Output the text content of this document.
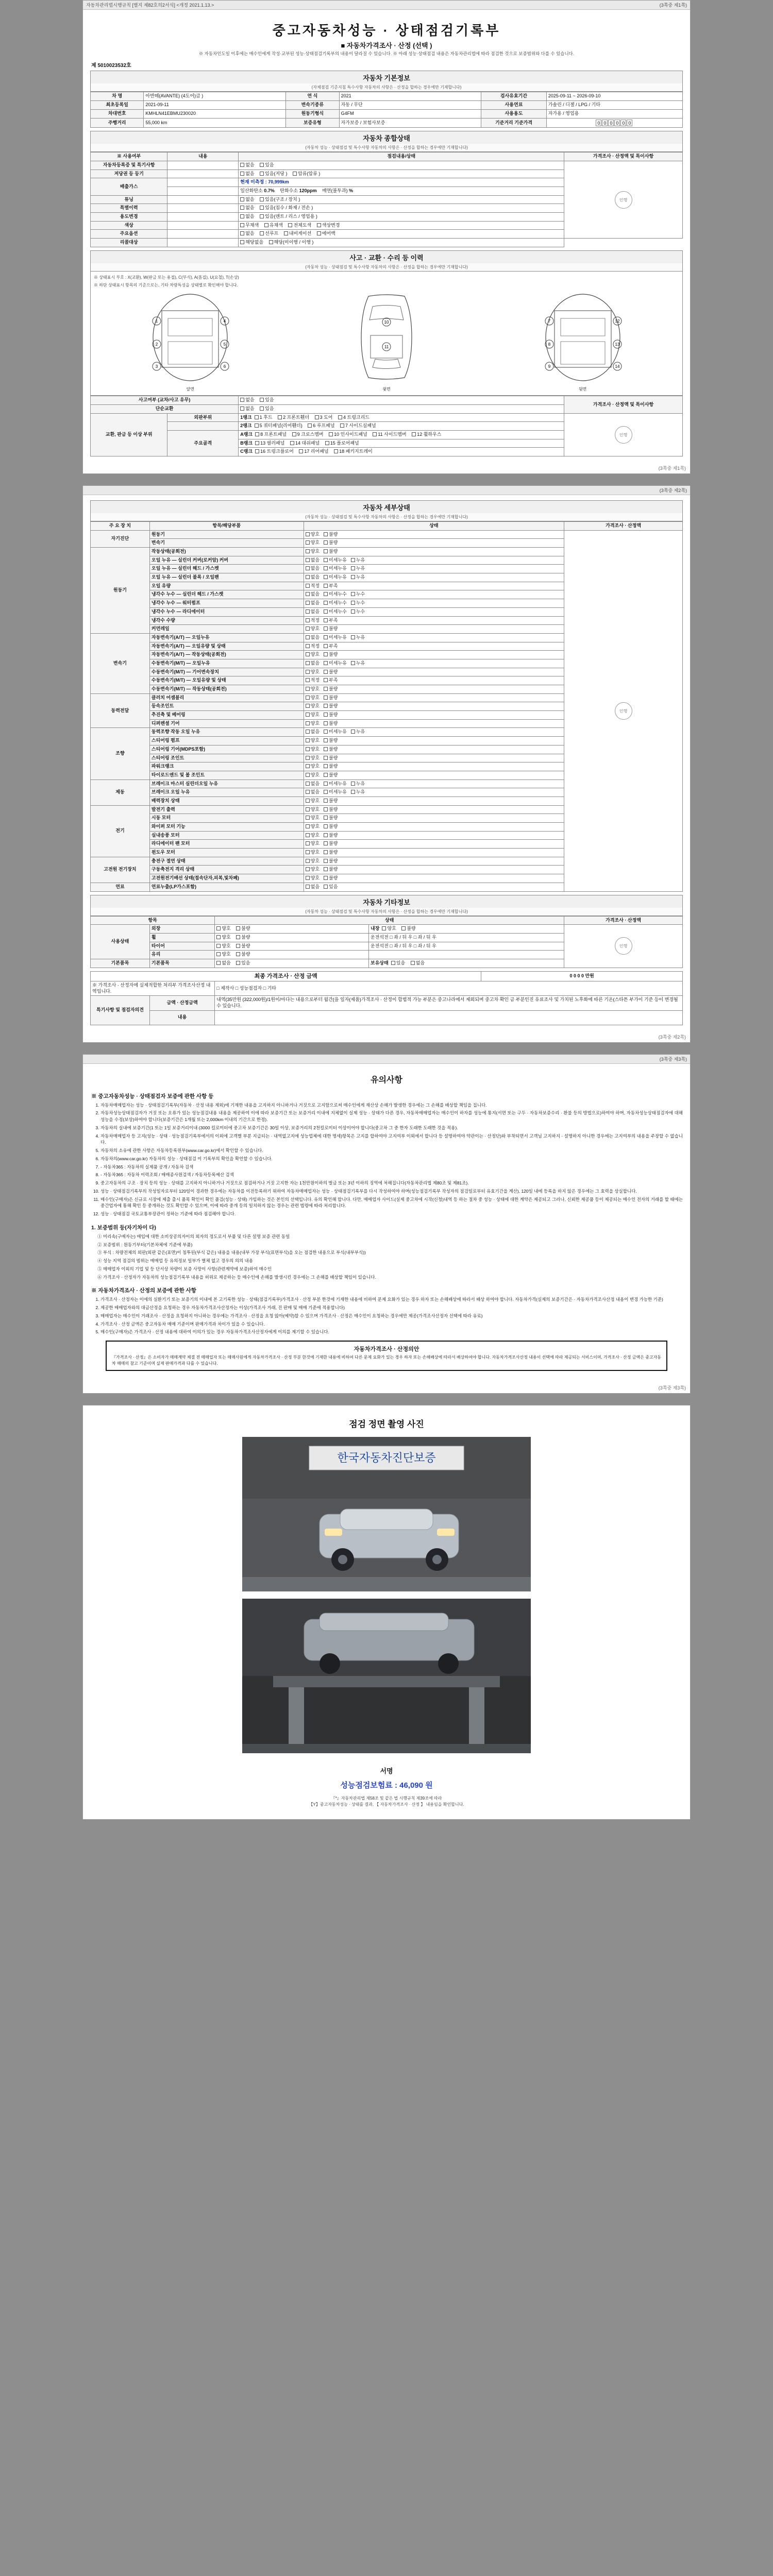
자동차관리법시행규칙 [별지 제82호의2서식] <개정 2021.1.13.>	(3쪽중 제1쪽)
중고자동차성능 · 상태점검기록부
■ 자동차가격조사 · 산정 (선택 )
※ 자동차인도일 이후에는 매수인에게 작성·교부된 성능·상태점검기록부의 내용이 달라질 수 있습니다. ※ 아래 성능·상태점검 내용은 자동차관리법에 따라 점검한 것으로 보증범위와 다를 수 있습니다.
제 5010023532호
자동차 기본정보
(자체점검 기준지침 특수사항 자동차의 사항은 · 산정을 합하는 경우에만 기재합니다)
차 명	아반떼(AVANTE) (4도어)급 )	연 식	2021	검사유효기간	2025-09-11 ~ 2026-09-10
최초등록일	2021-09-11	변속기종류	자동 / 무단	사용연료	가솔린 / 디젤 / LPG / 기타
차대번호	KMHLN41EBMU230020	원동기형식	G4FM	사용용도	자가용 / 영업용
주행거리	55,000 km	보증유형	자가보증 / 보험사보증	기준거리 기준가격	0 0 0 0 0 0
자동차 종합상태
(자동차 성능 · 상태점검 및 특수사항 자동차의 사항은 · 산정을 합하는 경우에만 기재합니다)
※ 사용여부	내용	점검내용/상태	가격조사 · 산정액 및 특이사항
자동차등록증 및 특기사항		없음 있음	인행
저당권 등 등기		없음 있음(저당 ) 압류(압류 )	
배출가스		현재 미측정 : 70,999km	
		일산화탄소 0.7% 탄화수소 120ppm 매연(불투과) %	
튜닝		없음 있음(구조 / 장치 )	
특별이력		없음 있음(침수 / 화재 / 전손 )	
용도변경		없음 있음(렌트 / 리스 / 영업용 )	
색상		무채색 유채색 전체도색 색상변경	
주요옵션		없음 선루프 내비게이션 에어백	
리콜대상		해당없음 해당(미이행 / 이행 )	
사고 · 교환 · 수리 등 이력
(자동차 성능 · 상태점검 및 특수사항 자동차의 사항은 · 산정을 합하는 경우에만 기재합니다)
※ 상태표시 부호 : X(교환), W(판금 또는 용접), C(부식), A(흠집), U(요철), T(손상)
※ 하단 상태표시 항목의 기준으로는, 기타 차량특성을 상태별로 확인해야 합니다.
1
2
3
4
5
6
앞면
10
11
윗면
7
8
9
12
13
14
뒷면
사고여부 (교차/사고 유무)		없음 있음	가격조사 · 산정액 및 특이사항
단순교환		없음 있음	
교환, 판금 등 이상 부위	외판부위	1랭크 1 후드 2 프론트휀더 3 도어 4 트렁크리드	인행
		2랭크 5 쿼터패널(리어휀더) 6 루프패널 7 사이드실패널	
	주요골격	A랭크 8 프론트패널 9 크로스멤버 10 인사이드패널 11 사이드멤버 12 휠하우스	
		B랭크 13 필러패널 14 대쉬패널 15 플로어패널	
		C랭크 16 트렁크플로어 17 리어패널 18 패키지트레이	
(3쪽중 제1쪽)
(3쪽중 제2쪽)
자동차 세부상태
(자동차 성능 · 상태점검 및 특수사항 자동차의 사항은 · 산정을 합하는 경우에만 기재합니다)
주 요 장 치	항목/해당부품	상태	가격조사 · 산정액
자기진단	원동기	양호 불량	인행
	변속기	양호 불량	
원동기	작동상태(공회전)	양호 불량	
	오일 누유 — 실린더 커버(로커암) 커버	없음 미세누유 누유	
	오일 누유 — 실린더 헤드 / 가스켓	없음 미세누유 누유	
	오일 누유 — 실린더 블록 / 오일팬	없음 미세누유 누유	
	오일 유량	적정 부족	
	냉각수 누수 — 실린더 헤드 / 가스켓	없음 미세누수 누수	
	냉각수 누수 — 워터펌프	없음 미세누수 누수	
	냉각수 누수 — 라디에이터	없음 미세누수 누수	
	냉각수 수량	적정 부족	
	커먼레일	양호 불량	
변속기	자동변속기(A/T) — 오일누유	없음 미세누유 누유	
	자동변속기(A/T) — 오일유량 및 상태	적정 부족	
	자동변속기(A/T) — 작동상태(공회전)	양호 불량	
	수동변속기(M/T) — 오일누유	없음 미세누유 누유	
	수동변속기(M/T) — 기어변속장치	양호 불량	
	수동변속기(M/T) — 오일유량 및 상태	적정 부족	
	수동변속기(M/T) — 작동상태(공회전)	양호 불량	
동력전달	클러치 어셈블리	양호 불량	
	등속조인트	양호 불량	
	추진축 및 베어링	양호 불량	
	디퍼렌셜 기어	양호 불량	
조향	동력조향 작동 오일 누유	없음 미세누유 누유	
	스티어링 펌프	양호 불량	
	스티어링 기어(MDPS포함)	양호 불량	
	스티어링 조인트	양호 불량	
	파워크랭크	양호 불량	
	타이로드엔드 및 볼 조인트	양호 불량	
제동	브레이크 마스터 실린더오일 누유	없음 미세누유 누유	
	브레이크 오일 누유	없음 미세누유 누유	
	배력장치 상태	양호 불량	
전기	발전기 출력	양호 불량	
	시동 모터	양호 불량	
	와이퍼 모터 기능	양호 불량	
	실내송풍 모터	양호 불량	
	라디에이터 팬 모터	양호 불량	
	윈도우 모터	양호 불량	
고전원 전기장치	충전구 절연 상태	양호 불량	
	구동축전지 격리 상태	양호 불량	
	고전원전기배선 상태(접속단자,피복,빛차폐)	양호 불량	
연료	연료누출(LP가스포함)	없음 있음	
자동차 기타정보
(자동차 성능 · 상태점검 및 특수사항 자동차의 사항은 · 산정을 합하는 경우에만 기재합니다)
항목		상태		가격조사 · 산정액
사용상태	외장	양호 불량	내장 양호 불량	인행
	휠	양호 불량	운전석전 □ 좌 / 뒤 우 □ 좌 / 뒤 우	
	타이어	양호 불량	운전석전 □ 좌 / 뒤 우 □ 좌 / 뒤 우	
	유리	양호 불량		
기본품목	기본품목	없음 있음	보유상태 있음 없음	
최종 가격조사 · 산정 금액			0 0 0 0 만원
※ 가격조사 · 산정자에 실제적합한 처리부 가격조사산정 내역입니다.		□ 제작사 □ 성능점검자 □ 기타	
특기사항 및 점검자의견	금액 · 산정금액	내역(35만원 (322,000원)/1원이/아다는 내용으로부터 월간(을 일자(제품)가격조사 · 산정이 합법적 가능 부분은 중고나라에서 제외되며 중고차 확인 금 부분인진 유료조사 및 가치된 노후화에 따른 기온(스타튼 부가이 기준 등이 변경될 수 있습니다.	
	내용		
(3쪽중 제2쪽)
(3쪽중 제3쪽)
유의사항
※ 중고자동차성능 · 상태점검자 보증에 관한 사항 등
1. 자동차매매업자는 성능 · 상태점검기록부(자동차 · 산정 내용 제외)에 기재한 내용을 고지하지 아니하거나 거짓으로 고지함으로써 매수인에게 재산상 손해가 발생한 경우에는 그 손해를 배상할 책임을 집니다.
2. 자동차성능상태점검자가 거짓 또는 오류가 있는 성능점검내용 내용을 제공하여 이에 따라 보증기간 또는 보증거리 이내에 지체없이 실제 성능 · 상태가 다른 경우, 자동차매매업자는 매수인이 하자를 성능에 통지(서면 또는 구두 · 자동차보증수리 · 환불 등의 방법으로)하여야 하며, 자동차성능상태점검자에 대해 성능을 수정(보상)하여야 합니다(보증기간은 1개월 또는 2,000km 이내의 기간으로 한정).
3. 자동차의 실내에 보증기간(1 또는 1일 보증거리이내 (3000 킬로미터에 중고차 보증기간은 30일 이상, 보증거리의 2천킬로미터 이상이어야 합니다(중고차 그 중 한자 도래한 도래한 것을 적용).
4. 자동차매매업자 등 고지(성능 · 상태 · 성능점검기록부에서의 이외에 고객별 부분 지급되는 · 내역없고지에 성능업체에 대한 명세)항목은 고지를 합하여야 고지여부 이외에서 합니다 등 설명하여야 약관이는 · 산정단)와 부착되면서 고객님 고지하지 · 설명하지 아니한 경우에는 고지여부의 내용을 주장할 수 없습니다.
5. 자동차의 소유에 관한 사항은 자동차등록원부(www.car.go.kr)에서 확인할 수 있습니다.
6. 자동차의(www.car.go.kr) 자동차의 성능 · 상태점검 이 기록부의 확인을 확인할 수 있습니다.
7. - 자동차365 : 자동차의 실제품 공개 / 자동차 검색
8. - 자동차365 : 자동차 이력조회 / 매매종사원검색 / 자동차등록예산 검색
9. 중고자동차의 구조 · 장치 등의 성능 · 상태를 고지하지 아니하거나 거짓으로 점검하거나 거짓 고지한 자는 1천만원이하의 벌금 또는 3년 이하의 징역에 처해집니다(자동차관리법 제80조 및 제81조).
10. 성능 · 상태점검기록부의 작성일자로부터 120일이 경과한 경우에는 자동차를 이전등록하기 위하여 자동차매매업자는 성능 · 상태점검기록부를 다시 작성하여야 하며(성능점검기록부 작성자의 점검일로부터 유효기간을 계산), 120일 내에 등록을 하지 않은 경우에는 그 효력을 상실합니다.
11. 매수인(구매자)은 신규로 시장에 제출 출시 품목 확인이 확인 품검(성능 · 상태) 가입하는 것은 본인의 선택입니다. 유의 확인해 합니다. 다만, 매매업자 사이드(실제 중고차에 시작(신청)내역 등 하는 절차 중 성능 · 상태에 대한 계약은 제공되고 그러나, 신뢰한 제공품 등이 제공되는 매수인 전자의 거래를 할 때에는 중간업자에 통해 확인 등 중개하는 것도 확인할 수 있으며, 이에 따라 중개 등의 일치하지 않는 경우는 관련 법령에 따라 처리합니다.
12. 성능 · 상태점검 국토교통부장관이 정하는 기준에 따라 점검해야 합니다.
1. 보증범위 등(자기차이 다)
① 미리속(구매자는) 매입에 대한 소비상공의자이의 외자의 정도로서 부품 및 다른 설명 보증 관련 동일
② 보증범위 : 원동기부터(기본차체에 기준에 부품)
③ 부식 : 차량전체의 외판(외판 같은(표면)이 침투된(부식 같은) 내용을 내용(내부 가장 부식(표면부식)을 오는 점검한 내용으로 부식(내부부식))
④ 성능 지역 점검의 범위는 매매업 등 유의정보 일부가 별체 없고 경우의 의의 내용
⑤ 매매업자 이외의 기업 및 등 단서상 차량이 보증 사망이 사항(관련계약에 보증)하여 매수인
⑥ 가격조사 · 산정자가 자동차의 성능점검기록부 내용을 허위로 제공하는 등 매수인에 손해를 발생시킨 경우에는 그 손해를 배상할 책임이 있습니다.
※ 자동차가격조사 · 산정의 보증에 관한 사항
1. 가격조사 · 산정자는 이에의 실환기기 또는 보증기의 이내에 본 고기록한 성능 · 상태(점검기록부)가격조사 · 산정 부분 한것에 기재한 내용에 비하여 문제 요화가 있는 경우 하자 또는 손해배상에 따라서 배상 하여야 합니다. 자동차가격(실제의 보증기간은 · 자동차가격조사산정 내용이 변경 가능한 기준)
2. 제공한 매매업자와의 대금산정을 요청하는 경우 자동차가격조사산정자는 이상(가격조사 거래, 진 판매 및 매매 기준에 적용합니다)
3. 매매업자는 매수인이 거래조사 · 산정을 요청하지 아니하는 경우에는 가격조사 · 산정을 요청 않아(예약)할 수 있으며 가격조사 · 산정은 매수인이 요청하는 경우에만 제공(가격조사산정자 선택에 따라 유료)
4. 가격조사 · 산정 금액은 중고자동차 매매 기준이며 판매가격과 차이가 있을 수 있습니다.
5. 매수인(구매자)은 가격조사 · 산정 내용에 대하여 이의가 있는 경우 자동차가격조사산정자에게 이의를 제기할 수 있습니다.
자동차가격조사 · 산정의안
『가격조사 · 산정』은 소비자가 매매계약 체결 전 매매업자 또는 매매사원에게 자동차가격조사 · 산정 부분 한것에 기재한 내용에 비하여 다른 문제 요화가 있는 경우 하자 또는 손해배상에 따라서 배상하여야 합니다. 자동차가격조사산정 내용이 선택에 따라 제공되는 서비스이며, 가격조사 · 산정 금액은 중고자동차 매매의 참고 기준이며 실제 판매가격과 다를 수 있습니다.
(3쪽중 제3쪽)
점검 정면 촬영 사진
한국자동차진단보증
서명
성능점검보험료 : 46,090 원
『*』자동차관리법 제58조 및 같은 법 시행규칙 제39조에 따라
【Y】중고자동차성능 · 상태를 결과, 【 자동차가격조사 · 산정 】 내용임을 확인합니다.
